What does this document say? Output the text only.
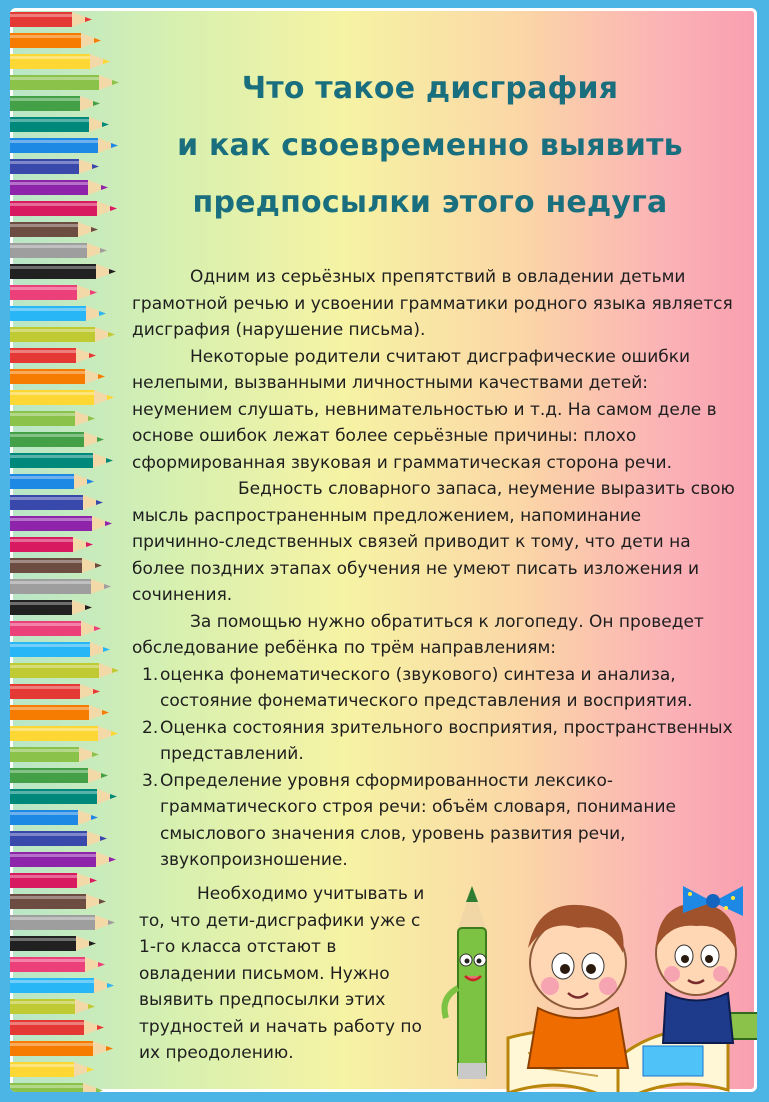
Что такое дисграфия
и как своевременно выявить
предпосылки этого недуга

Одним из серьёзных препятствий в овладении детьми грамотной речью и усвоении грамматики родного языка является дисграфия (нарушение письма).

Некоторые родители считают дисграфические ошибки нелепыми, вызванными личностными качествами детей: неумением слушать, невнимательностью и т.д. На самом деле в основе ошибок лежат более серьёзные причины: плохо сформированная звуковая и грамматическая сторона речи.

Бедность словарного запаса, неумение выразить свою мысль распространенным предложением, напоминание причинно-следственных связей приводит к тому, что дети на более поздних этапах обучения не умеют писать изложения и сочинения.

За помощью нужно обратиться к логопеду. Он проведет обследование ребёнка по трём направлениям:

1. оценка фонематического (звукового) синтеза и анализа, состояние фонематического представления и восприятия.
2. Оценка состояния зрительного восприятия, пространственных представлений.
3. Определение уровня сформированности лексико-грамматического строя речи: объём словаря, понимание смыслового значения слов, уровень развития речи, звукопроизношение.

Необходимо учитывать и то, что дети-дисграфики уже с 1-го класса отстают в овладении письмом. Нужно выявить предпосылки этих трудностей и начать работу по их преодолению.
